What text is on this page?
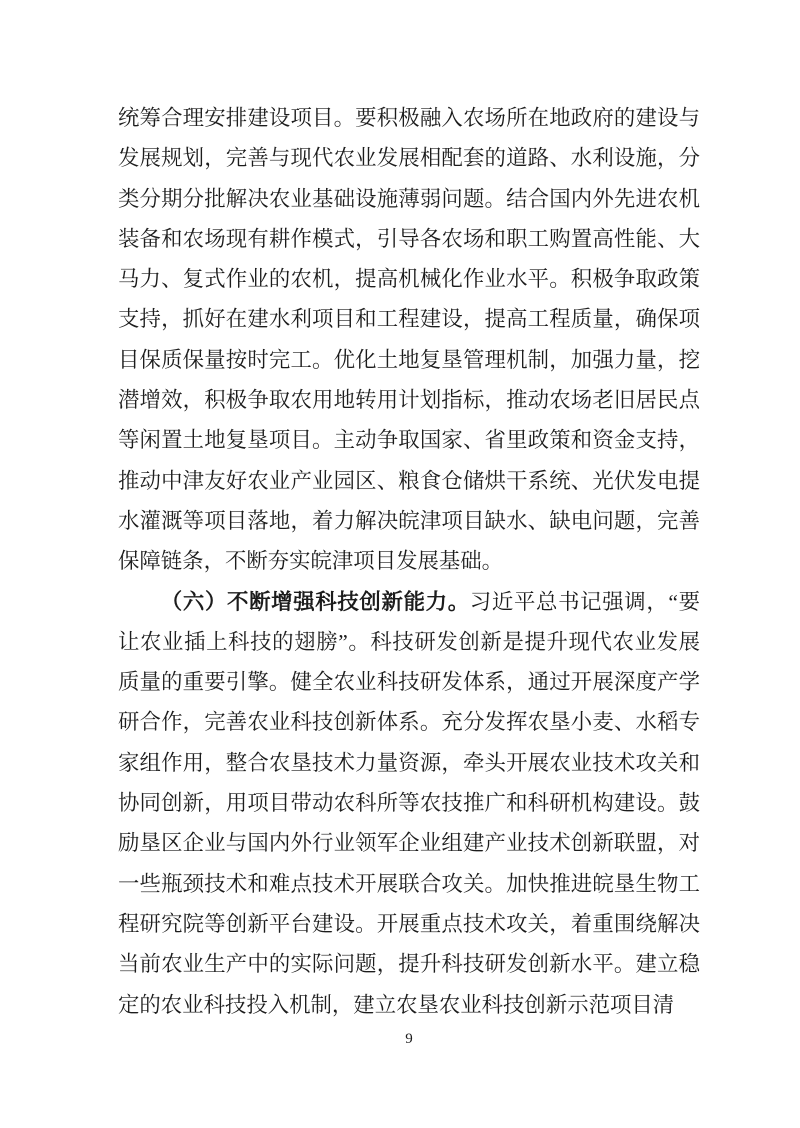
统筹合理安排建设项目。要积极融入农场所在地政府的建设与发展规划，完善与现代农业发展相配套的道路、水利设施，分类分期分批解决农业基础设施薄弱问题。结合国内外先进农机装备和农场现有耕作模式，引导各农场和职工购置高性能、大马力、复式作业的农机，提高机械化作业水平。积极争取政策支持，抓好在建水利项目和工程建设，提高工程质量，确保项目保质保量按时完工。优化土地复垦管理机制，加强力量，挖潜增效，积极争取农用地转用计划指标，推动农场老旧居民点等闲置土地复垦项目。主动争取国家、省里政策和资金支持，推动中津友好农业产业园区、粮食仓储烘干系统、光伏发电提水灌溉等项目落地，着力解决皖津项目缺水、缺电问题，完善保障链条，不断夯实皖津项目发展基础。

（六）不断增强科技创新能力。习近平总书记强调，“要让农业插上科技的翅膀”。科技研发创新是提升现代农业发展质量的重要引擎。健全农业科技研发体系，通过开展深度产学研合作，完善农业科技创新体系。充分发挥农垦小麦、水稻专家组作用，整合农垦技术力量资源，牵头开展农业技术攻关和协同创新，用项目带动农科所等农技推广和科研机构建设。鼓励垦区企业与国内外行业领军企业组建产业技术创新联盟，对一些瓶颈技术和难点技术开展联合攻关。加快推进皖垦生物工程研究院等创新平台建设。开展重点技术攻关，着重围绕解决当前农业生产中的实际问题，提升科技研发创新水平。建立稳定的农业科技投入机制，建立农垦农业科技创新示范项目清

9
